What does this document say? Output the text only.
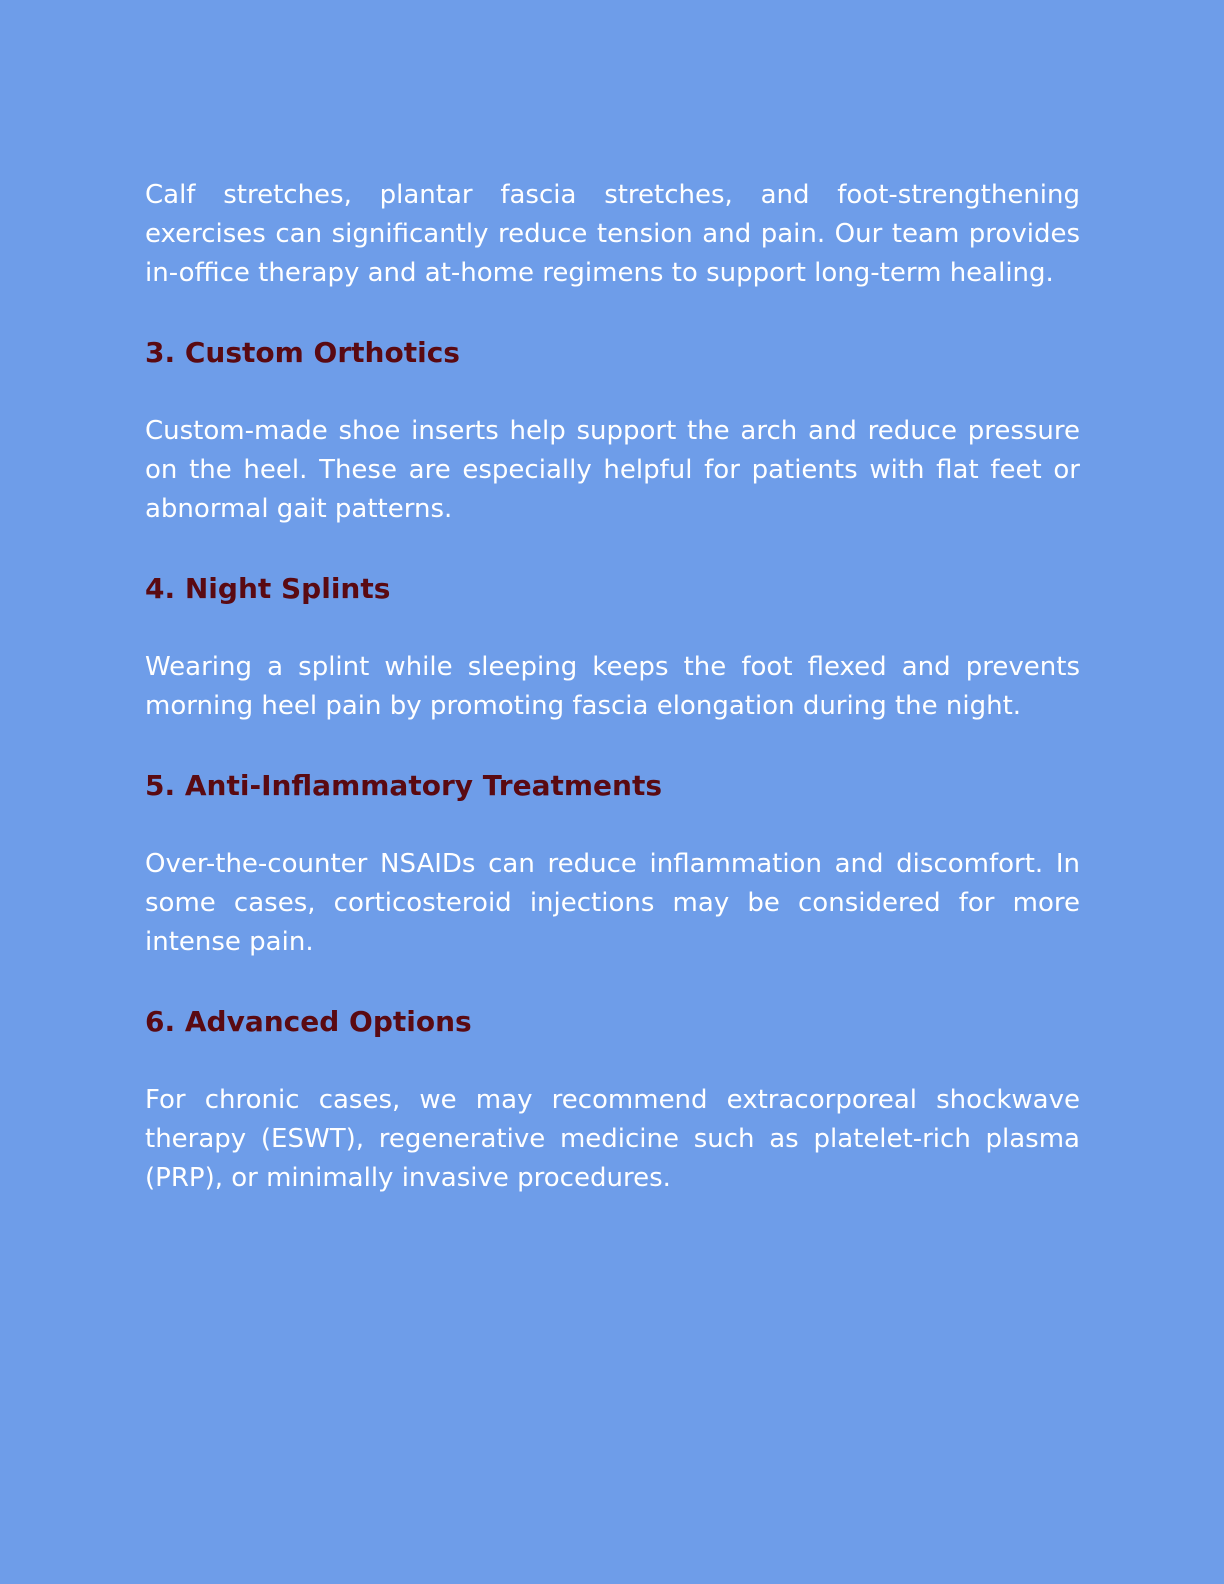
Calf stretches, plantar fascia stretches, and foot-strengthening exercises can significantly reduce tension and pain. Our team provides in-office therapy and at-home regimens to support long-term healing.

3. Custom Orthotics

Custom-made shoe inserts help support the arch and reduce pressure on the heel. These are especially helpful for patients with flat feet or abnormal gait patterns.

4. Night Splints

Wearing a splint while sleeping keeps the foot flexed and prevents morning heel pain by promoting fascia elongation during the night.

5. Anti-Inflammatory Treatments

Over-the-counter NSAIDs can reduce inflammation and discomfort. In some cases, corticosteroid injections may be considered for more intense pain.

6. Advanced Options

For chronic cases, we may recommend extracorporeal shockwave therapy (ESWT), regenerative medicine such as platelet-rich plasma (PRP), or minimally invasive procedures.
